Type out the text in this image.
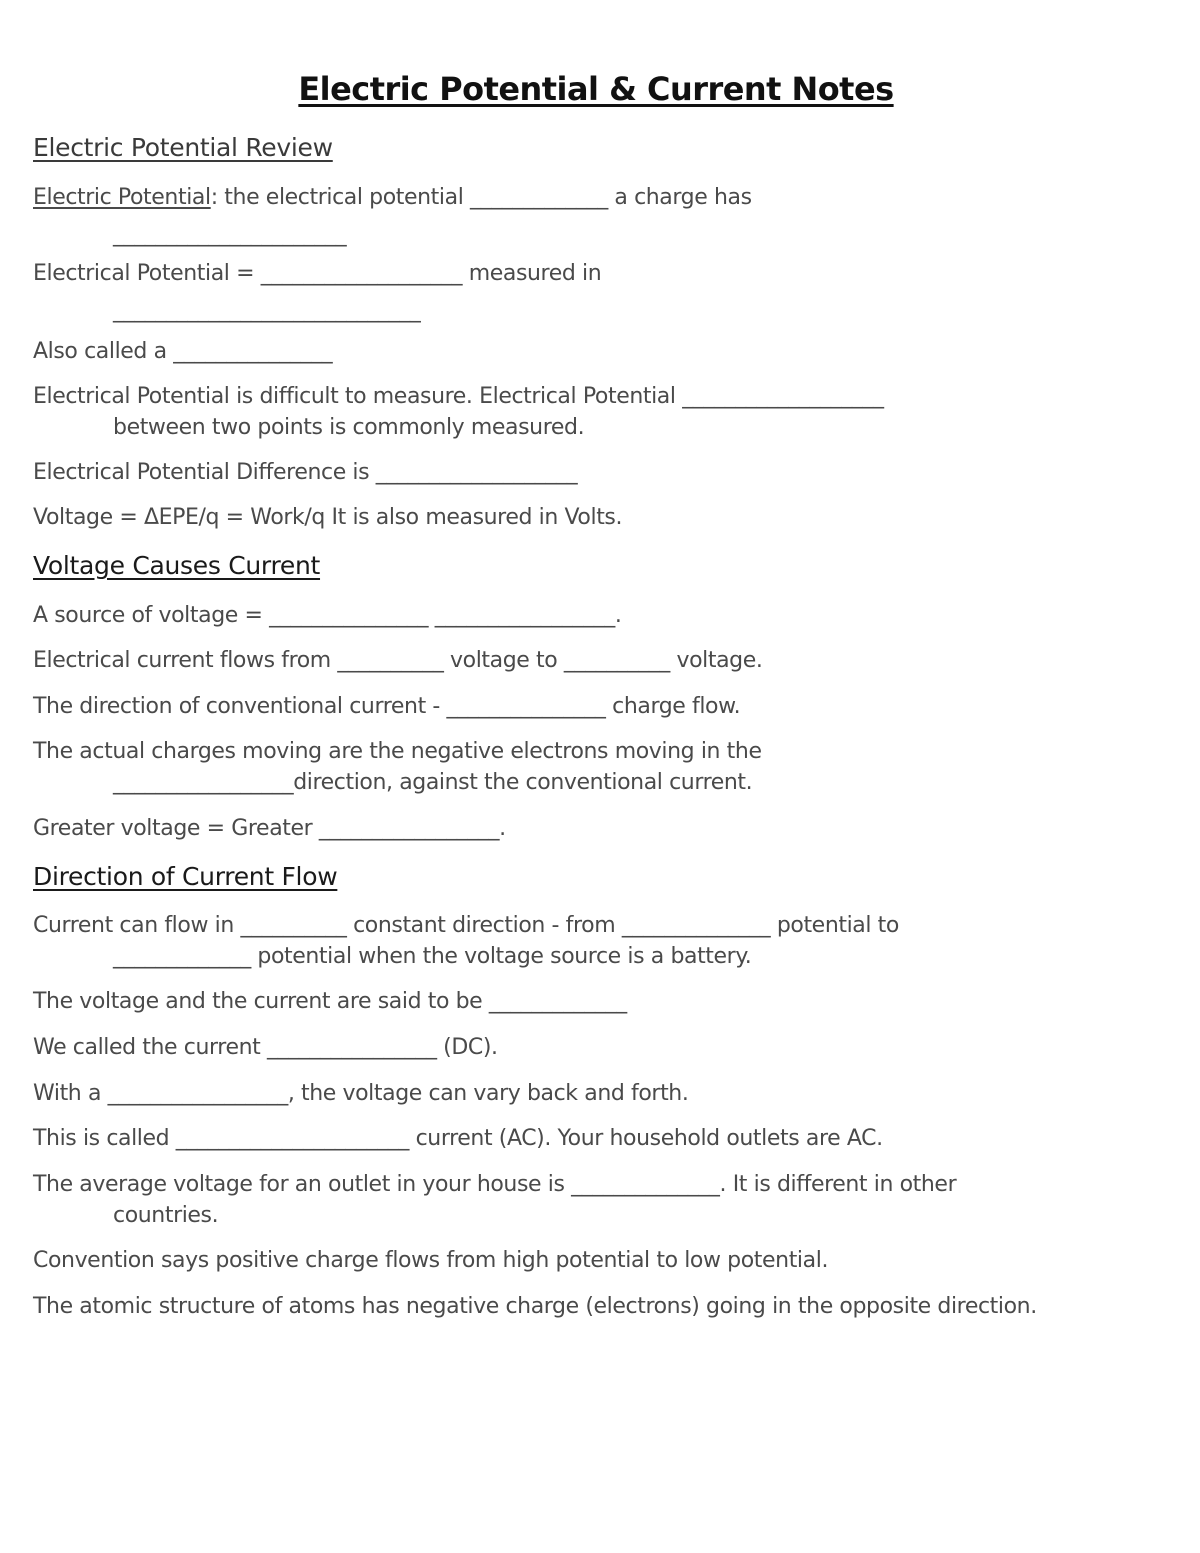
Electric Potential & Current Notes
Electric Potential Review
Electric Potential: the electrical potential _____________ a charge has
______________________
Electrical Potential = ___________________ measured in
_____________________________
Also called a _______________
Electrical Potential is difficult to measure. Electrical Potential ___________________
between two points is commonly measured.
Electrical Potential Difference is ___________________
Voltage = ΔEPE/q = Work/q It is also measured in Volts.
Voltage Causes Current
A source of voltage = _______________ _________________.
Electrical current flows from __________ voltage to __________ voltage.
The direction of conventional current - _______________ charge flow.
The actual charges moving are the negative electrons moving in the
_________________direction, against the conventional current.
Greater voltage = Greater _________________.
Direction of Current Flow
Current can flow in __________ constant direction - from ______________ potential to
_____________ potential when the voltage source is a battery.
The voltage and the current are said to be _____________
We called the current ________________ (DC).
With a _________________, the voltage can vary back and forth.
This is called ______________________ current (AC). Your household outlets are AC.
The average voltage for an outlet in your house is ______________. It is different in other
countries.
Convention says positive charge flows from high potential to low potential.
The atomic structure of atoms has negative charge (electrons) going in the opposite direction.
